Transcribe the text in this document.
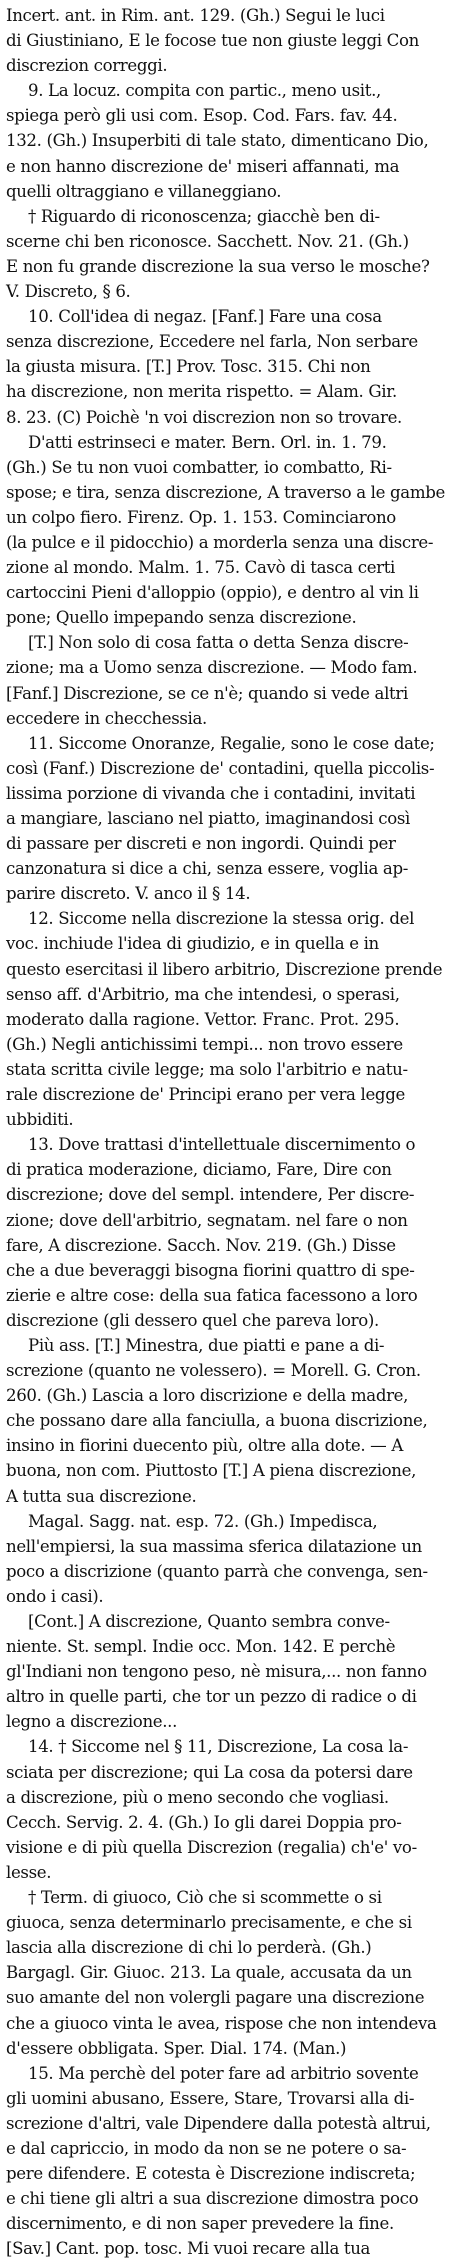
Incert. ant. in Rim. ant. 129. (Gh.) Segui le luci
di Giustiniano, E le focose tue non giuste leggi Con
discrezion correggi.
9. La locuz. compita con partic., meno usit.,
spiega però gli usi com. Esop. Cod. Fars. fav. 44.
132. (Gh.) Insuperbiti di tale stato, dimenticano Dio,
e non hanno discrezione de' miseri affannati, ma
quelli oltraggiano e villaneggiano.
† Riguardo di riconoscenza; giacchè ben di-
scerne chi ben riconosce. Sacchett. Nov. 21. (Gh.)
E non fu grande discrezione la sua verso le mosche?
V. Discreto, § 6.
10. Coll'idea di negaz. [Fanf.] Fare una cosa
senza discrezione, Eccedere nel farla, Non serbare
la giusta misura. [T.] Prov. Tosc. 315. Chi non
ha discrezione, non merita rispetto. = Alam. Gir.
8. 23. (C) Poichè 'n voi discrezion non so trovare.
D'atti estrinseci e mater. Bern. Orl. in. 1. 79.
(Gh.) Se tu non vuoi combatter, io combatto, Ri-
spose; e tira, senza discrezione, A traverso a le gambe
un colpo fiero. Firenz. Op. 1. 153. Cominciarono
(la pulce e il pidocchio) a morderla senza una discre-
zione al mondo. Malm. 1. 75. Cavò di tasca certi
cartoccini Pieni d'alloppio (oppio), e dentro al vin li
pone; Quello impepando senza discrezione.
[T.] Non solo di cosa fatta o detta Senza discre-
zione; ma a Uomo senza discrezione. — Modo fam.
[Fanf.] Discrezione, se ce n'è; quando si vede altri
eccedere in checchessia.
11. Siccome Onoranze, Regalie, sono le cose date;
così (Fanf.) Discrezione de' contadini, quella piccolis-
lissima porzione di vivanda che i contadini, invitati
a mangiare, lasciano nel piatto, imaginandosi così
di passare per discreti e non ingordi. Quindi per
canzonatura si dice a chi, senza essere, voglia ap-
parire discreto. V. anco il § 14.
12. Siccome nella discrezione la stessa orig. del
voc. inchiude l'idea di giudizio, e in quella e in
questo esercitasi il libero arbitrio, Discrezione prende
senso aff. d'Arbitrio, ma che intendesi, o sperasi,
moderato dalla ragione. Vettor. Franc. Prot. 295.
(Gh.) Negli antichissimi tempi... non trovo essere
stata scritta civile legge; ma solo l'arbitrio e natu-
rale discrezione de' Principi erano per vera legge
ubbiditi.
13. Dove trattasi d'intellettuale discernimento o
di pratica moderazione, diciamo, Fare, Dire con
discrezione; dove del sempl. intendere, Per discre-
zione; dove dell'arbitrio, segnatam. nel fare o non
fare, A discrezione. Sacch. Nov. 219. (Gh.) Disse
che a due beveraggi bisogna fiorini quattro di spe-
zierie e altre cose: della sua fatica facessono a loro
discrezione (gli dessero quel che pareva loro).
Più ass. [T.] Minestra, due piatti e pane a di-
screzione (quanto ne volessero). = Morell. G. Cron.
260. (Gh.) Lascia a loro discrizione e della madre,
che possano dare alla fanciulla, a buona discrizione,
insino in fiorini duecento più, oltre alla dote. — A
buona, non com. Piuttosto [T.] A piena discrezione,
A tutta sua discrezione.
Magal. Sagg. nat. esp. 72. (Gh.) Impedisca,
nell'empiersi, la sua massima sferica dilatazione un
poco a discrizione (quanto parrà che convenga, sen-
ondo i casi).
[Cont.] A discrezione, Quanto sembra conve-
niente. St. sempl. Indie occ. Mon. 142. E perchè
gl'Indiani non tengono peso, nè misura,... non fanno
altro in quelle parti, che tor un pezzo di radice o di
legno a discrezione...
14. † Siccome nel § 11, Discrezione, La cosa la-
sciata per discrezione; qui La cosa da potersi dare
a discrezione, più o meno secondo che vogliasi.
Cecch. Servig. 2. 4. (Gh.) Io gli darei Doppia pro-
visione e di più quella Discrezion (regalia) ch'e' vo-
lesse.
† Term. di giuoco, Ciò che si scommette o si
giuoca, senza determinarlo precisamente, e che si
lascia alla discrezione di chi lo perderà. (Gh.)
Bargagl. Gir. Giuoc. 213. La quale, accusata da un
suo amante del non volergli pagare una discrezione
che a giuoco vinta le avea, rispose che non intendeva
d'essere obbligata. Sper. Dial. 174. (Man.)
15. Ma perchè del poter fare ad arbitrio sovente
gli uomini abusano, Essere, Stare, Trovarsi alla di-
screzione d'altri, vale Dipendere dalla potestà altrui,
e dal capriccio, in modo da non se ne potere o sa-
pere difendere. E cotesta è Discrezione indiscreta;
e chi tiene gli altri a sua discrezione dimostra poco
discernimento, e di non saper prevedere la fine.
[Sav.] Cant. pop. tosc. Mi vuoi recare alla tua
